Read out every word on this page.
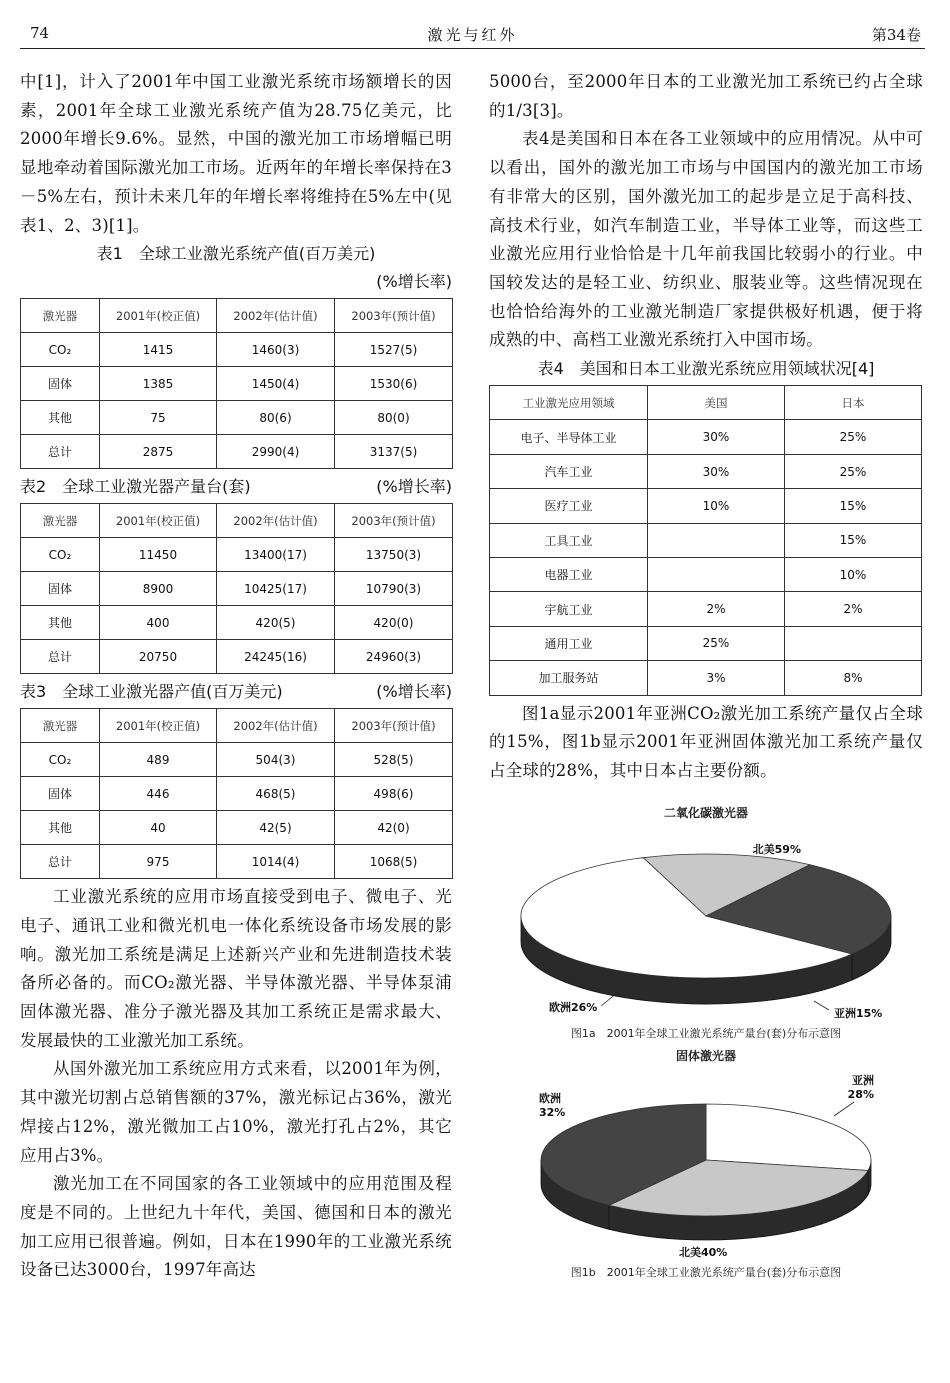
74	激光与红外	第34卷

中[1]，计入了2001年中国工业激光系统市场额增长的因素，2001年全球工业激光系统产值为28.75亿美元，比2000年增长9.6%。显然，中国的激光加工市场增幅已明显地牵动着国际激光加工市场。近两年的年增长率保持在3－5%左右，预计未来几年的年增长率将维持在5%左中(见表1、2、3)[1]。

表1　全球工业激光系统产值(百万美元)
(%增长率)
激光器	2001年(校正值)	2002年(估计值)	2003年(预计值)
CO₂	1415	1460(3)	1527(5)
固体	1385	1450(4)	1530(6)
其他	75	80(6)	80(0)
总计	2875	2990(4)	3137(5)
表2　全球工业激光器产量台(套)	(%增长率)
激光器	2001年(校正值)	2002年(估计值)	2003年(预计值)
CO₂	11450	13400(17)	13750(3)
固体	8900	10425(17)	10790(3)
其他	400	420(5)	420(0)
总计	20750	24245(16)	24960(3)
表3　全球工业激光器产值(百万美元)	(%增长率)
激光器	2001年(校正值)	2002年(估计值)	2003年(预计值)
CO₂	489	504(3)	528(5)
固体	446	468(5)	498(6)
其他	40	42(5)	42(0)
总计	975	1014(4)	1068(5)

工业激光系统的应用市场直接受到电子、微电子、光电子、通讯工业和微光机电一体化系统设备市场发展的影响。激光加工系统是满足上述新兴产业和先进制造技术装备所必备的。而CO₂激光器、半导体激光器、半导体泵浦固体激光器、准分子激光器及其加工系统正是需求最大、发展最快的工业激光加工系统。

从国外激光加工系统应用方式来看，以2001年为例，其中激光切割占总销售额的37%，激光标记占36%，激光焊接占12%，激光微加工占10%，激光打孔占2%，其它应用占3%。

激光加工在不同国家的各工业领域中的应用范围及程度是不同的。上世纪九十年代，美国、德国和日本的激光加工应用已很普遍。例如，日本在1990年的工业激光系统设备已达3000台，1997年高达

5000台，至2000年日本的工业激光加工系统已约占全球的1/3[3]。

表4是美国和日本在各工业领域中的应用情况。从中可以看出，国外的激光加工市场与中国国内的激光加工市场有非常大的区别，国外激光加工的起步是立足于高科技、高技术行业，如汽车制造工业，半导体工业等，而这些工业激光应用行业恰恰是十几年前我国比较弱小的行业。中国较发达的是轻工业、纺织业、服装业等。这些情况现在也恰恰给海外的工业激光制造厂家提供极好机遇，便于将成熟的中、高档工业激光系统打入中国市场。

表4　美国和日本工业激光系统应用领域状况[4]
工业激光应用领域	美国	日本
电子、半导体工业	30%	25%
汽车工业	30%	25%
医疗工业	10%	15%
工具工业		15%
电器工业		10%
宇航工业	2%	2%
通用工业	25%	
加工服务站	3%	8%

图1a显示2001年亚洲CO₂激光加工系统产量仅占全球的15%，图1b显示2001年亚洲固体激光加工系统产量仅占全球的28%，其中日本占主要份额。

二氧化碳激光器
北美59%
亚洲15%
欧洲26%
图1a　2001年全球工业激光系统产量台(套)分布示意图
固体激光器
亚洲
28%
欧洲
32%
北美40%
图1b　2001年全球工业激光系统产量台(套)分布示意图
